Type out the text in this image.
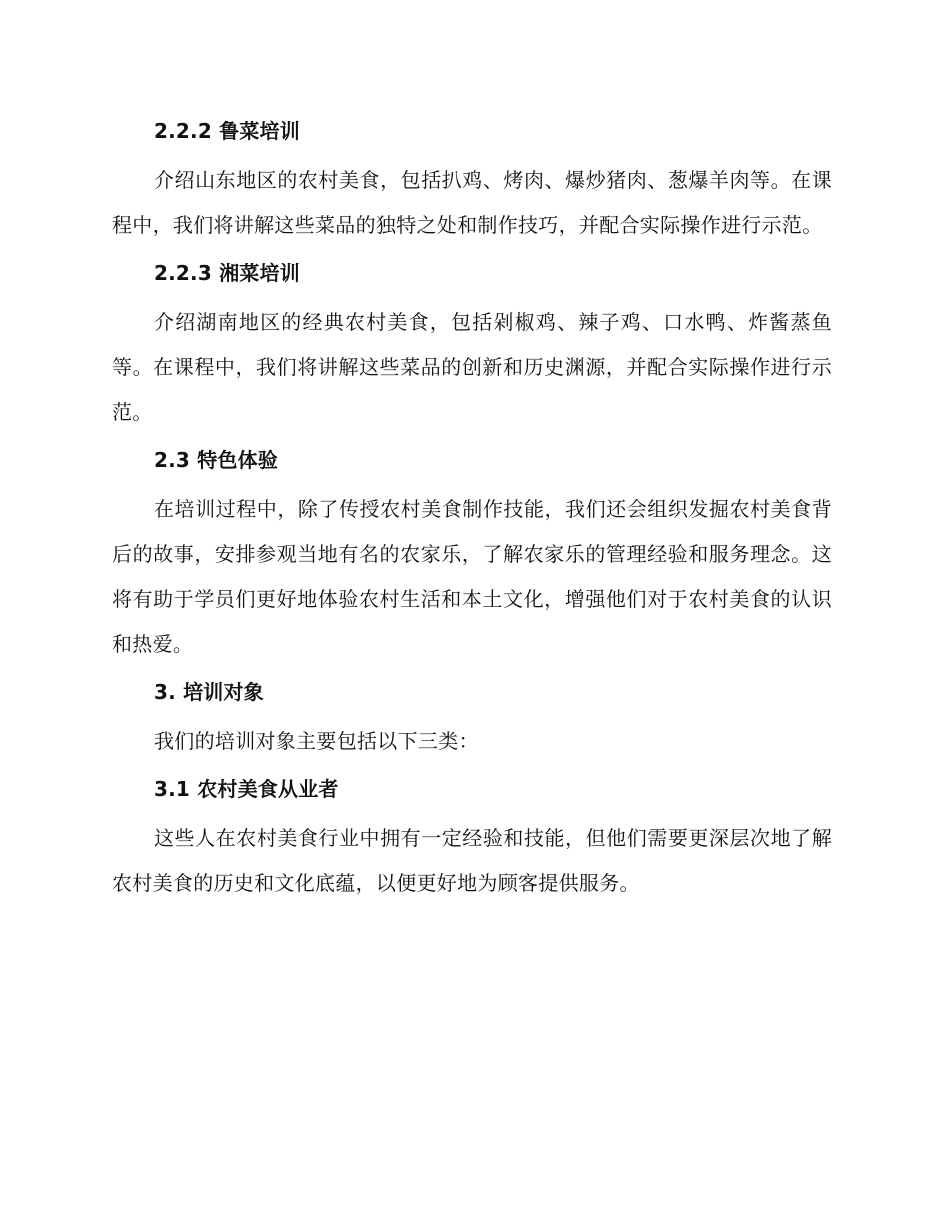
2.2.2 鲁菜培训

介绍山东地区的农村美食，包括扒鸡、烤肉、爆炒猪肉、葱爆羊肉等。在课程中，我们将讲解这些菜品的独特之处和制作技巧，并配合实际操作进行示范。

2.2.3 湘菜培训

介绍湖南地区的经典农村美食，包括剁椒鸡、辣子鸡、口水鸭、炸酱蒸鱼等。在课程中，我们将讲解这些菜品的创新和历史渊源，并配合实际操作进行示范。

2.3 特色体验

在培训过程中，除了传授农村美食制作技能，我们还会组织发掘农村美食背后的故事，安排参观当地有名的农家乐，了解农家乐的管理经验和服务理念。这将有助于学员们更好地体验农村生活和本土文化，增强他们对于农村美食的认识和热爱。

3. 培训对象

我们的培训对象主要包括以下三类：

3.1 农村美食从业者

这些人在农村美食行业中拥有一定经验和技能，但他们需要更深层次地了解农村美食的历史和文化底蕴，以便更好地为顾客提供服务。
